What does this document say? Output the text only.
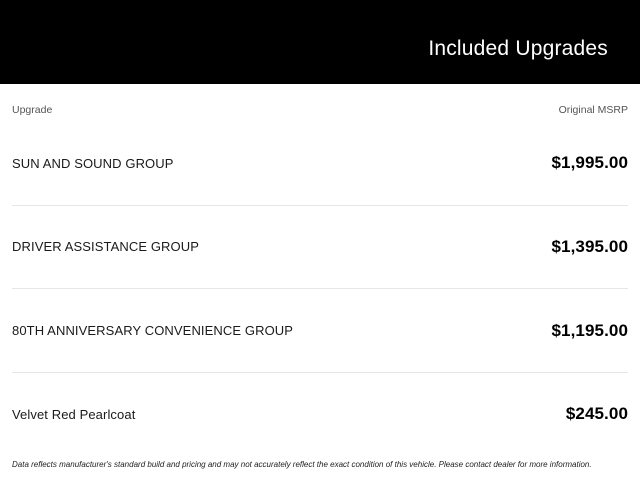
Included Upgrades
Upgrade	Original MSRP
SUN AND SOUND GROUP	$1,995.00
DRIVER ASSISTANCE GROUP	$1,395.00
80TH ANNIVERSARY CONVENIENCE GROUP	$1,195.00
Velvet Red Pearlcoat	$245.00
Data reflects manufacturer's standard build and pricing and may not accurately reflect the exact condition of this vehicle. Please contact dealer for more information.
